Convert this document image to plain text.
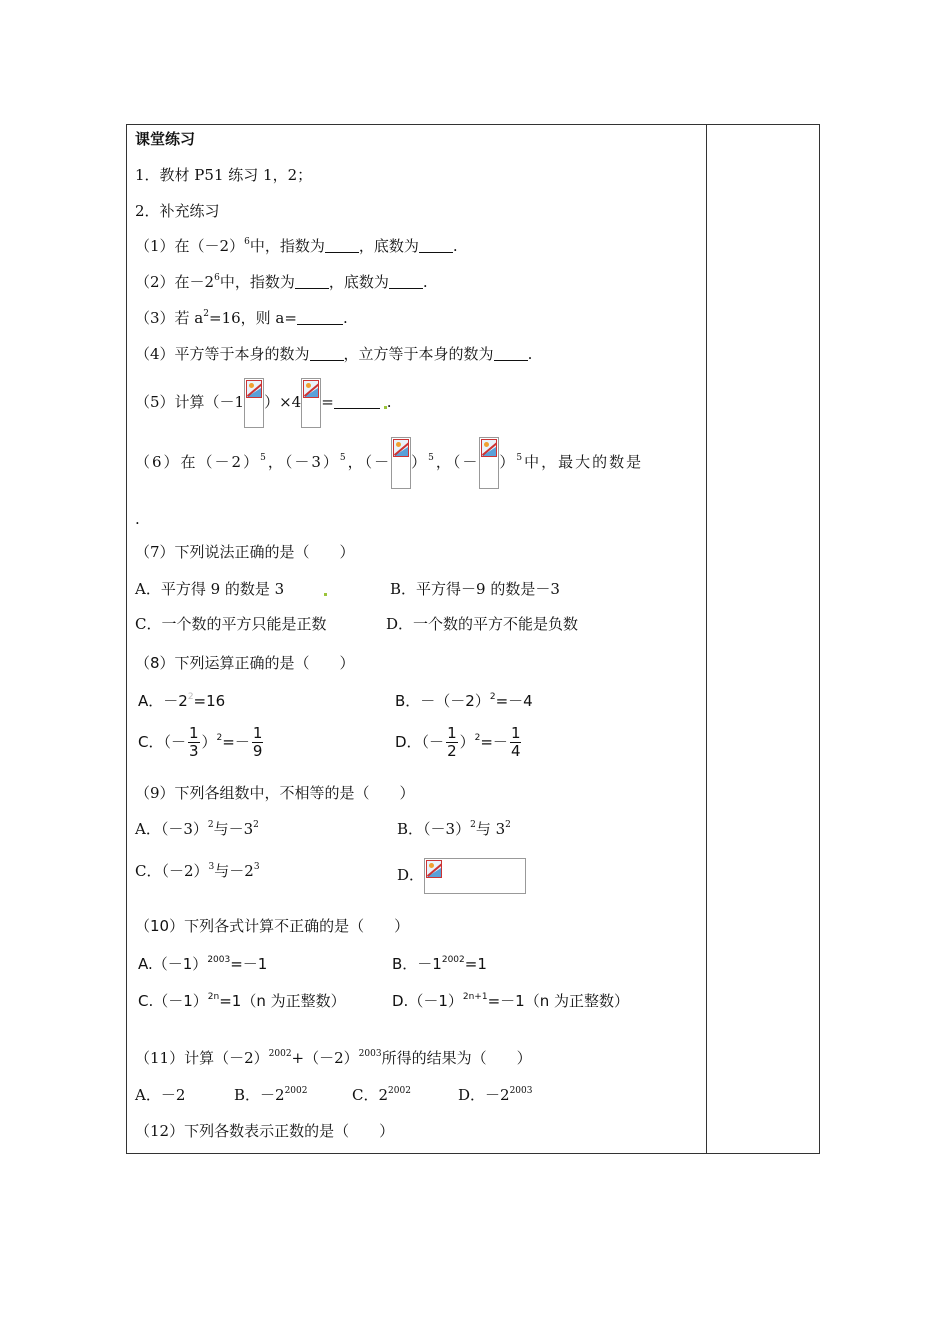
课堂练习
1．教材 P51 练习 1，2；
2．补充练习
（1）在$(-2)^6$中，指数为 ，底数为 .
（2）在$-2^6$中，指数为 ，底数为 .
（3）若 $a^2=16$，则 a=	.
（4）平方等于本身的数为 ，立方等于本身的数为 .
（5）计算（－1 ）×4 =	.
（6）在$(-2)^5$，$(-3)^5$，（－ ）$^5$，（－ ）$^5$中，最大的数是
.
（7）下列说法正确的是（　　）
A．平方得 9 的数是 3	B．平方得－9 的数是－3
C．一个数的平方只能是正数	D．一个数的平方不能是负数
（8）下列运算正确的是（　　）
A．$-2^2=16$	B．$-(-2)^2=-4$
C．（－ $\frac{1}{3} )^2=- \frac{1}{9}$	D．（－ $\frac{1}{2} )^2=- \frac{1}{4}$
（9）下列各组数中，不相等的是（　　）
A．$(-3)^2$与$-3^2$	B．$(-3)^2$与 $3^2$
C．$(-2)^3$与$-2^3$	D．
（10）下列各式计算不正确的是（　　）
$A.(-1)^{2003}=-1$	B．$-1^{2002}=1$
$C.(-1)^{2n}=1(n$ 为正整数）	$D.(-1)^{2n+1}=-1(n$ 为正整数）
（11）计算$(-2)^{2002}+(-2)^{2003}$所得的结果为（　　）
A．－2	B．$-2^{2002}$	C．$2^{2002}$	D．$-2^{2003}$
（12）下列各数表示正数的是（　　）
